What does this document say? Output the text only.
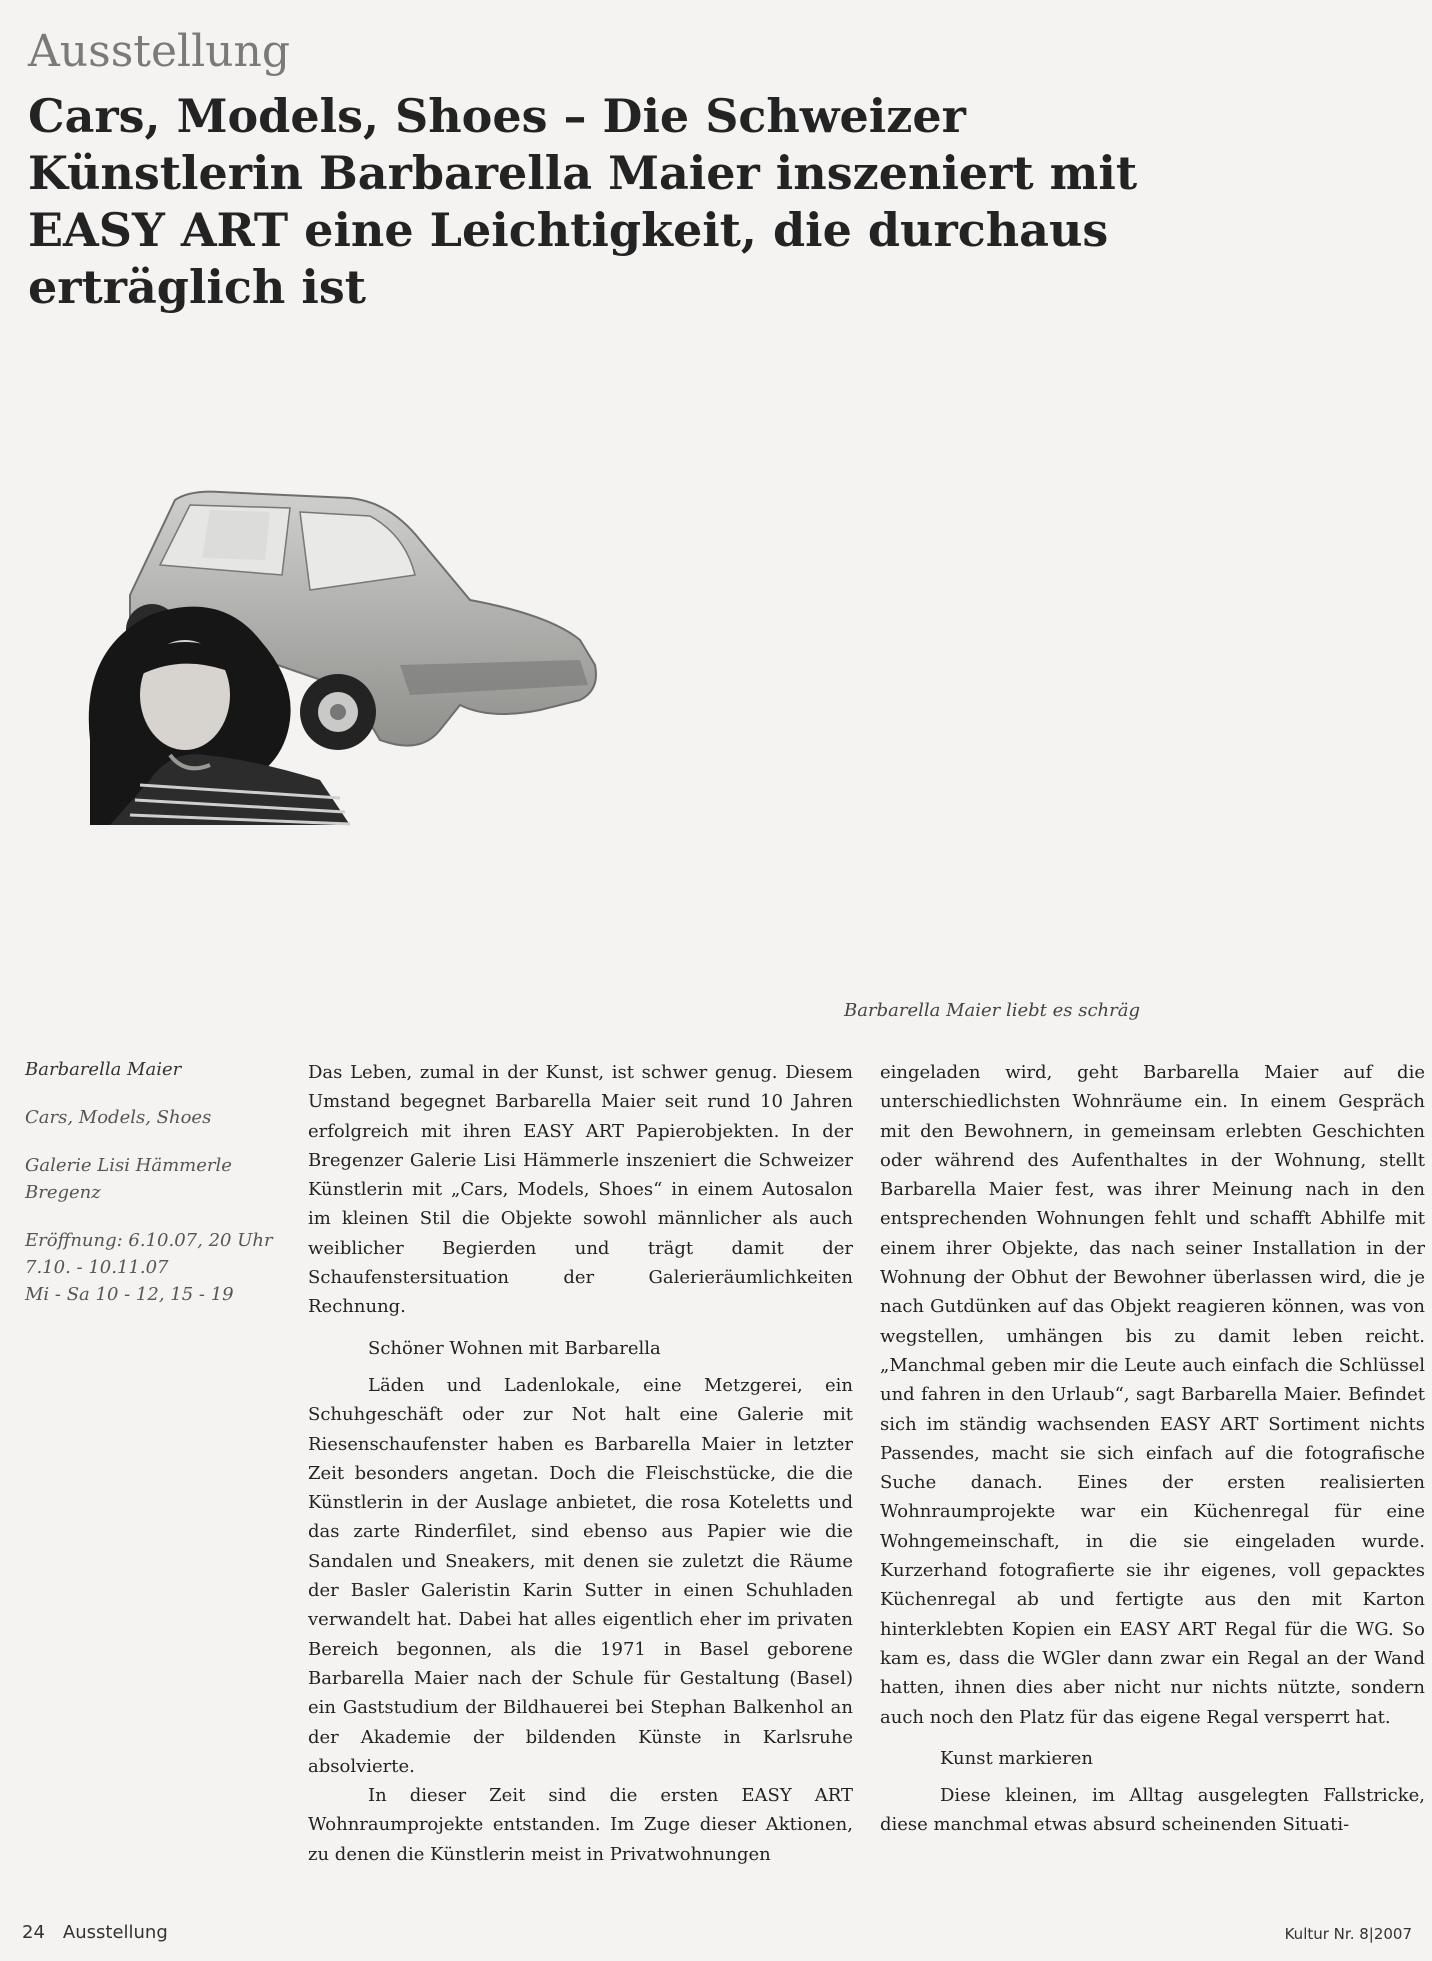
Ausstellung
Cars, Models, Shoes – Die Schweizer Künstlerin Barbarella Maier inszeniert mit EASY ART eine Leichtigkeit, die durchaus erträglich ist
Barbarella Maier liebt es schräg
Barbarella Maier
Cars, Models, Shoes
Galerie Lisi Hämmerle
Bregenz
Eröffnung: 6.10.07, 20 Uhr
7.10. - 10.11.07
Mi - Sa 10 - 12, 15 - 19

Das Leben, zumal in der Kunst, ist schwer genug. Diesem Umstand begegnet Barbarella Maier seit rund 10 Jahren erfolgreich mit ihren EASY ART Papierobjekten. In der Bregenzer Galerie Lisi Hämmerle inszeniert die Schweizer Künstlerin mit „Cars, Models, Shoes“ in einem Autosalon im kleinen Stil die Objekte sowohl männlicher als auch weiblicher Begierden und trägt damit der Schaufenstersituation der Galerieräumlichkeiten Rechnung.

Schöner Wohnen mit Barbarella

Läden und Ladenlokale, eine Metzgerei, ein Schuhgeschäft oder zur Not halt eine Galerie mit Riesenschaufenster haben es Barbarella Maier in letzter Zeit besonders angetan. Doch die Fleischstücke, die die Künstlerin in der Auslage anbietet, die rosa Koteletts und das zarte Rinderfilet, sind ebenso aus Papier wie die Sandalen und Sneakers, mit denen sie zuletzt die Räume der Basler Galeristin Karin Sutter in einen Schuhladen verwandelt hat. Dabei hat alles eigentlich eher im privaten Bereich begonnen, als die 1971 in Basel geborene Barbarella Maier nach der Schule für Gestaltung (Basel) ein Gaststudium der Bildhauerei bei Stephan Balkenhol an der Akademie der bildenden Künste in Karlsruhe absolvierte.

In dieser Zeit sind die ersten EASY ART Wohnraumprojekte entstanden. Im Zuge dieser Aktionen, zu denen die Künstlerin meist in Privatwohnungen

eingeladen wird, geht Barbarella Maier auf die unterschiedlichsten Wohnräume ein. In einem Gespräch mit den Bewohnern, in gemeinsam erlebten Geschichten oder während des Aufenthaltes in der Wohnung, stellt Barbarella Maier fest, was ihrer Meinung nach in den entsprechenden Wohnungen fehlt und schafft Abhilfe mit einem ihrer Objekte, das nach seiner Installation in der Wohnung der Obhut der Bewohner überlassen wird, die je nach Gutdünken auf das Objekt reagieren können, was von wegstellen, umhängen bis zu damit leben reicht. „Manchmal geben mir die Leute auch einfach die Schlüssel und fahren in den Urlaub“, sagt Barbarella Maier. Befindet sich im ständig wachsenden EASY ART Sortiment nichts Passendes, macht sie sich einfach auf die fotografische Suche danach. Eines der ersten realisierten Wohnraumprojekte war ein Küchenregal für eine Wohngemeinschaft, in die sie eingeladen wurde. Kurzerhand fotografierte sie ihr eigenes, voll gepacktes Küchenregal ab und fertigte aus den mit Karton hinterklebten Kopien ein EASY ART Regal für die WG. So kam es, dass die WGler dann zwar ein Regal an der Wand hatten, ihnen dies aber nicht nur nichts nützte, sondern auch noch den Platz für das eigene Regal versperrt hat.

Kunst markieren

Diese kleinen, im Alltag ausgelegten Fallstricke, diese manchmal etwas absurd scheinenden Situati-

24 Ausstellung	Kultur Nr. 8|2007
